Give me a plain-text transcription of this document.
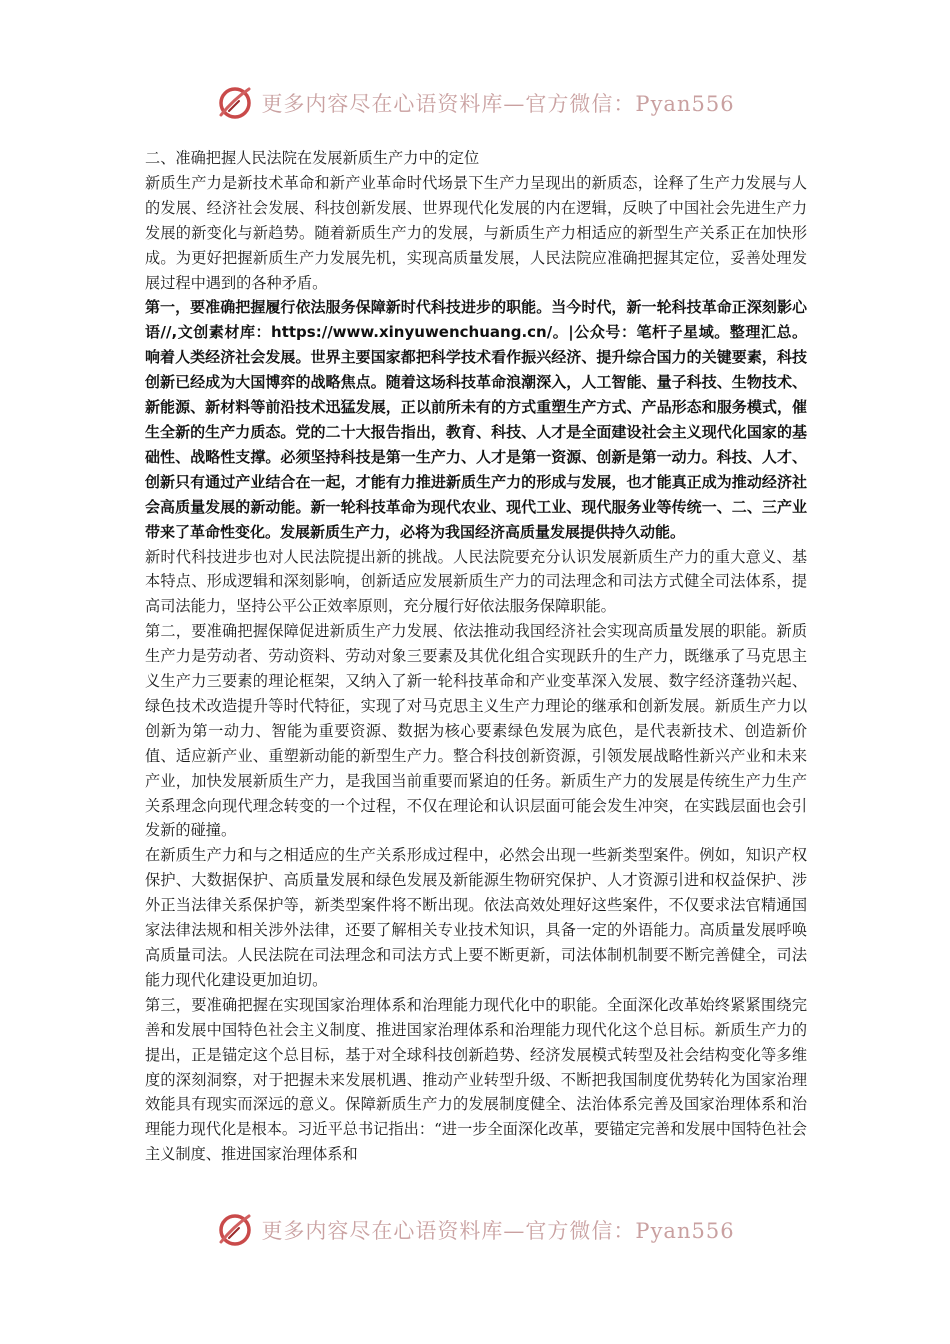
更多内容尽在心语资料库—官方微信：Pyan556

二、准确把握人民法院在发展新质生产力中的定位

新质生产力是新技术革命和新产业革命时代场景下生产力呈现出的新质态，诠释了生产力发展与人的发展、经济社会发展、科技创新发展、世界现代化发展的内在逻辑，反映了中国社会先进生产力发展的新变化与新趋势。随着新质生产力的发展，与新质生产力相适应的新型生产关系正在加快形成。为更好把握新质生产力发展先机，实现高质量发展，人民法院应准确把握其定位，妥善处理发展过程中遇到的各种矛盾。

第一，要准确把握履行依法服务保障新时代科技进步的职能。当今时代，新一轮科技革命正深刻影心语//,文创素材库：https://www.xinyuwenchuang.cn/。|公众号：笔杆子星域。整理汇总。响着人类经济社会发展。世界主要国家都把科学技术看作振兴经济、提升综合国力的关键要素，科技创新已经成为大国博弈的战略焦点。随着这场科技革命浪潮深入，人工智能、量子科技、生物技术、新能源、新材料等前沿技术迅猛发展，正以前所未有的方式重塑生产方式、产品形态和服务模式，催生全新的生产力质态。党的二十大报告指出，教育、科技、人才是全面建设社会主义现代化国家的基础性、战略性支撑。必须坚持科技是第一生产力、人才是第一资源、创新是第一动力。科技、人才、创新只有通过产业结合在一起，才能有力推进新质生产力的形成与发展，也才能真正成为推动经济社会高质量发展的新动能。新一轮科技革命为现代农业、现代工业、现代服务业等传统一、二、三产业带来了革命性变化。发展新质生产力，必将为我国经济高质量发展提供持久动能。

新时代科技进步也对人民法院提出新的挑战。人民法院要充分认识发展新质生产力的重大意义、基本特点、形成逻辑和深刻影响，创新适应发展新质生产力的司法理念和司法方式健全司法体系，提高司法能力，坚持公平公正效率原则，充分履行好依法服务保障职能。

第二，要准确把握保障促进新质生产力发展、依法推动我国经济社会实现高质量发展的职能。新质生产力是劳动者、劳动资料、劳动对象三要素及其优化组合实现跃升的生产力，既继承了马克思主义生产力三要素的理论框架，又纳入了新一轮科技革命和产业变革深入发展、数字经济蓬勃兴起、绿色技术改造提升等时代特征，实现了对马克思主义生产力理论的继承和创新发展。新质生产力以创新为第一动力、智能为重要资源、数据为核心要素绿色发展为底色，是代表新技术、创造新价值、适应新产业、重塑新动能的新型生产力。整合科技创新资源，引领发展战略性新兴产业和未来产业，加快发展新质生产力，是我国当前重要而紧迫的任务。新质生产力的发展是传统生产力生产关系理念向现代理念转变的一个过程，不仅在理论和认识层面可能会发生冲突，在实践层面也会引发新的碰撞。

在新质生产力和与之相适应的生产关系形成过程中，必然会出现一些新类型案件。例如，知识产权保护、大数据保护、高质量发展和绿色发展及新能源生物研究保护、人才资源引进和权益保护、涉外正当法律关系保护等，新类型案件将不断出现。依法高效处理好这些案件，不仅要求法官精通国家法律法规和相关涉外法律，还要了解相关专业技术知识，具备一定的外语能力。高质量发展呼唤高质量司法。人民法院在司法理念和司法方式上要不断更新，司法体制机制要不断完善健全，司法能力现代化建设更加迫切。

第三，要准确把握在实现国家治理体系和治理能力现代化中的职能。全面深化改革始终紧紧围绕完善和发展中国特色社会主义制度、推进国家治理体系和治理能力现代化这个总目标。新质生产力的提出，正是锚定这个总目标，基于对全球科技创新趋势、经济发展模式转型及社会结构变化等多维度的深刻洞察，对于把握未来发展机遇、推动产业转型升级、不断把我国制度优势转化为国家治理效能具有现实而深远的意义。保障新质生产力的发展制度健全、法治体系完善及国家治理体系和治理能力现代化是根本。习近平总书记指出：“进一步全面深化改革，要锚定完善和发展中国特色社会主义制度、推进国家治理体系和

更多内容尽在心语资料库—官方微信：Pyan556
